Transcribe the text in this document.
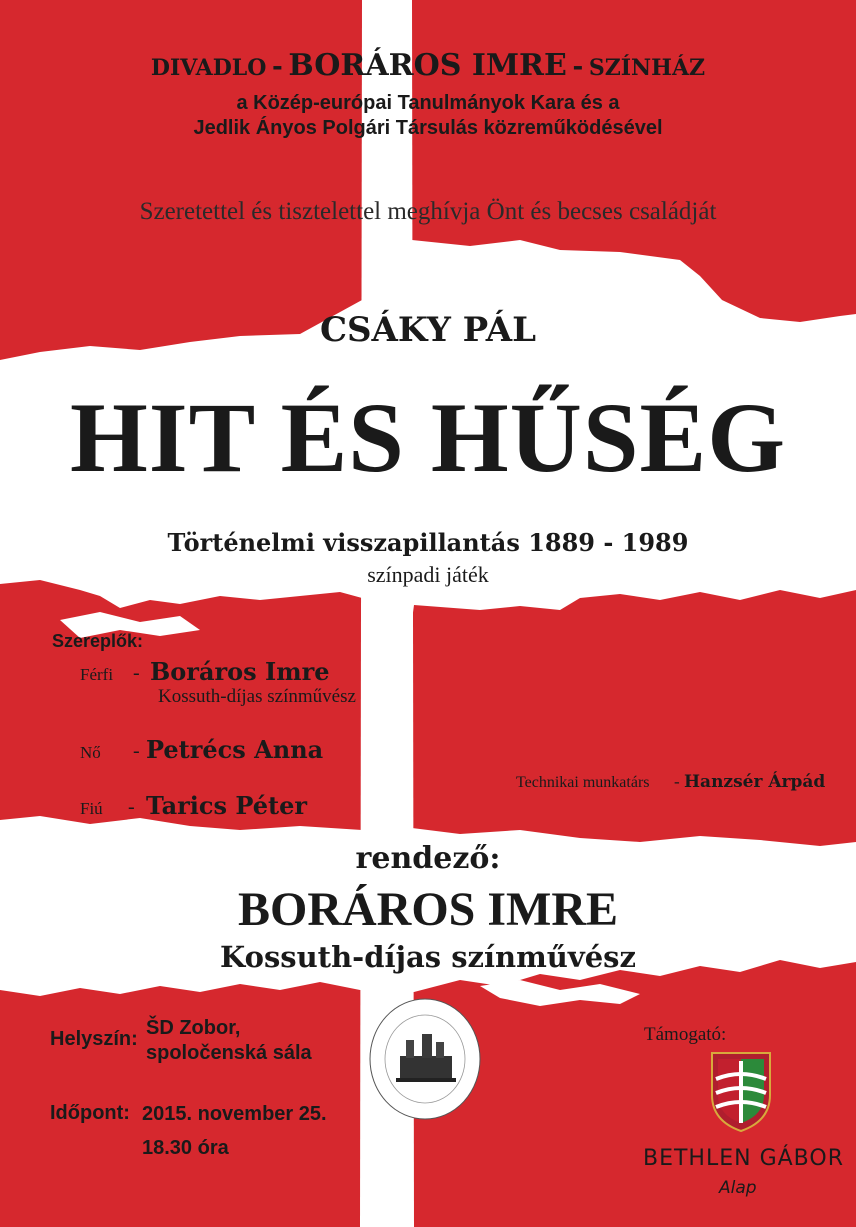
DIVADLO - BORÁROS IMRE - SZÍNHÁZ
a Közép-európai Tanulmányok Kara és a
Jedlik Ányos Polgári Társulás közreműködésével
Szeretettel és tisztelettel meghívja Önt és becses családját
CSÁKY PÁL
HIT ÉS HŰSÉG
Történelmi visszapillantás 1889 - 1989
színpadi játék
Szereplők:
Férfi - Boráros Imre
Kossuth-díjas színművész
Nő - Petrécs Anna
Fiú - Tarics Péter
Technikai munkatárs - Hanzsér Árpád
rendező:
BORÁROS IMRE
Kossuth-díjas színművész
Helyszín: ŠD Zobor,
spoločenská sála
Időpont: 2015. november 25.
18.30 óra
Támogató:
BETHLEN GÁBOR
Alap
